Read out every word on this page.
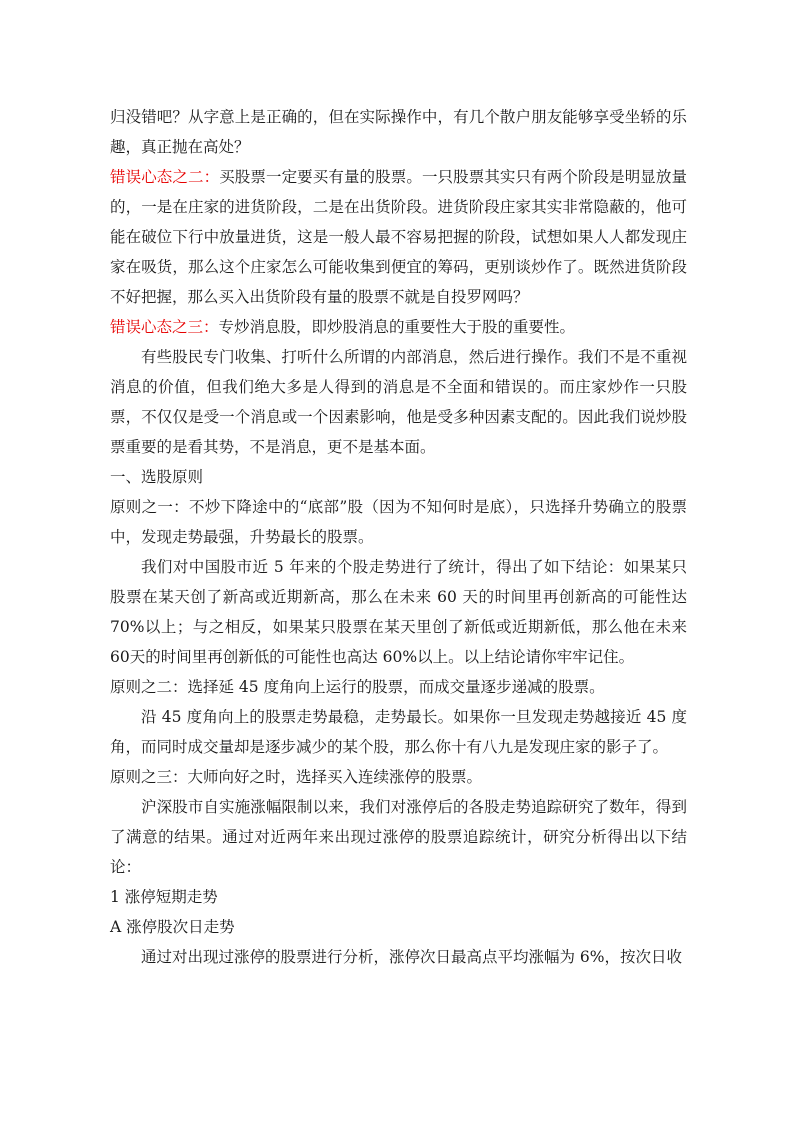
归没错吧？从字意上是正确的，但在实际操作中，有几个散户朋友能够享受坐轿的乐趣，真正抛在高处？

错误心态之二：买股票一定要买有量的股票。一只股票其实只有两个阶段是明显放量的，一是在庄家的进货阶段，二是在出货阶段。进货阶段庄家其实非常隐蔽的，他可能在破位下行中放量进货，这是一般人最不容易把握的阶段，试想如果人人都发现庄家在吸货，那么这个庄家怎么可能收集到便宜的筹码，更别谈炒作了。既然进货阶段不好把握，那么买入出货阶段有量的股票不就是自投罗网吗？

错误心态之三：专炒消息股，即炒股消息的重要性大于股的重要性。

有些股民专门收集、打听什么所谓的内部消息，然后进行操作。我们不是不重视消息的价值，但我们绝大多是人得到的消息是不全面和错误的。而庄家炒作一只股票，不仅仅是受一个消息或一个因素影响，他是受多种因素支配的。因此我们说炒股票重要的是看其势，不是消息，更不是基本面。

一、选股原则

原则之一：不炒下降途中的“底部”股（因为不知何时是底），只选择升势确立的股票中，发现走势最强，升势最长的股票。

我们对中国股市近 5 年来的个股走势进行了统计，得出了如下结论：如果某只股票在某天创了新高或近期新高，那么在未来 60 天的时间里再创新高的可能性达70%以上；与之相反，如果某只股票在某天里创了新低或近期新低，那么他在未来60天的时间里再创新低的可能性也高达 60%以上。以上结论请你牢牢记住。

原则之二：选择延 45 度角向上运行的股票，而成交量逐步递减的股票。

沿 45 度角向上的股票走势最稳，走势最长。如果你一旦发现走势越接近 45 度角，而同时成交量却是逐步减少的某个股，那么你十有八九是发现庄家的影子了。

原则之三：大师向好之时，选择买入连续涨停的股票。

沪深股市自实施涨幅限制以来，我们对涨停后的各股走势追踪研究了数年，得到了满意的结果。通过对近两年来出现过涨停的股票追踪统计，研究分析得出以下结论：

1 涨停短期走势

A 涨停股次日走势

通过对出现过涨停的股票进行分析，涨停次日最高点平均涨幅为 6%，按次日收
